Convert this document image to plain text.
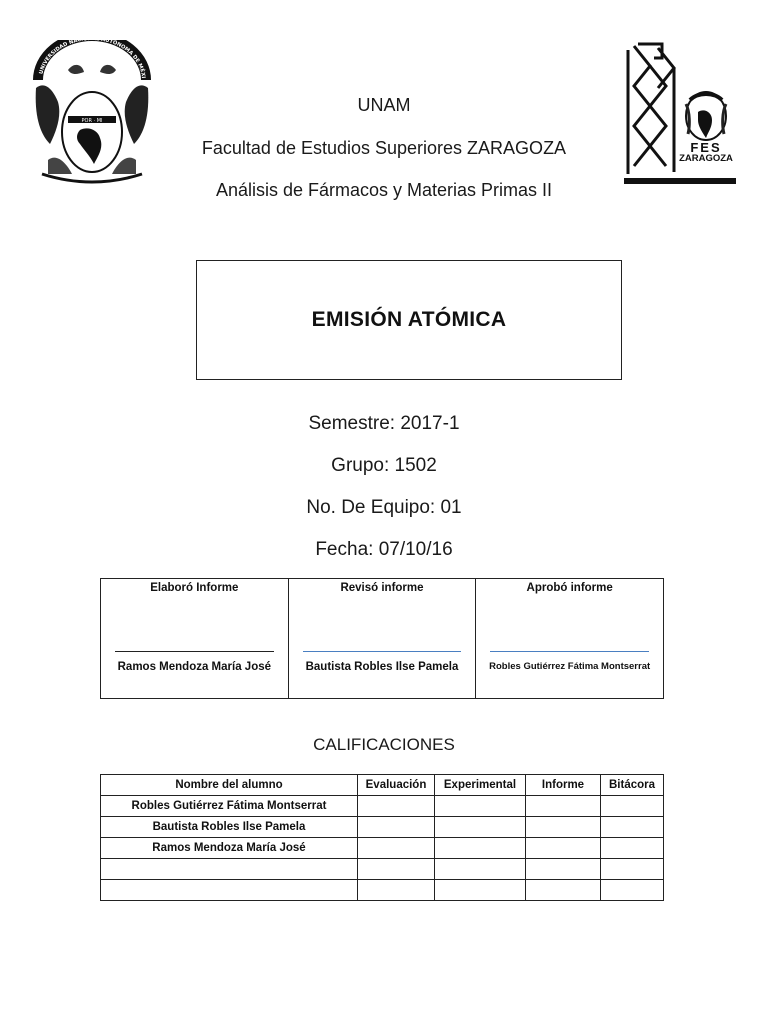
UNIVERSIDAD NAC UTÓNOMA DE MÉXI
POR · MI
FES
ZARAGOZA
UNAM
Facultad de Estudios Superiores ZARAGOZA
Análisis de Fármacos y Materias Primas II
EMISIÓN ATÓMICA
Semestre: 2017-1
Grupo: 1502
No. De Equipo: 01
Fecha: 07/10/16
Elaboró Informe
Ramos Mendoza María José

Revisó informe
Bautista Robles Ilse Pamela

Aprobó informe
Robles Gutiérrez Fátima Montserrat
CALIFICACIONES
Nombre del alumno	Evaluación	Experimental	Informe	Bitácora
Robles Gutiérrez Fátima Montserrat				
Bautista Robles Ilse Pamela				
Ramos Mendoza María José				
